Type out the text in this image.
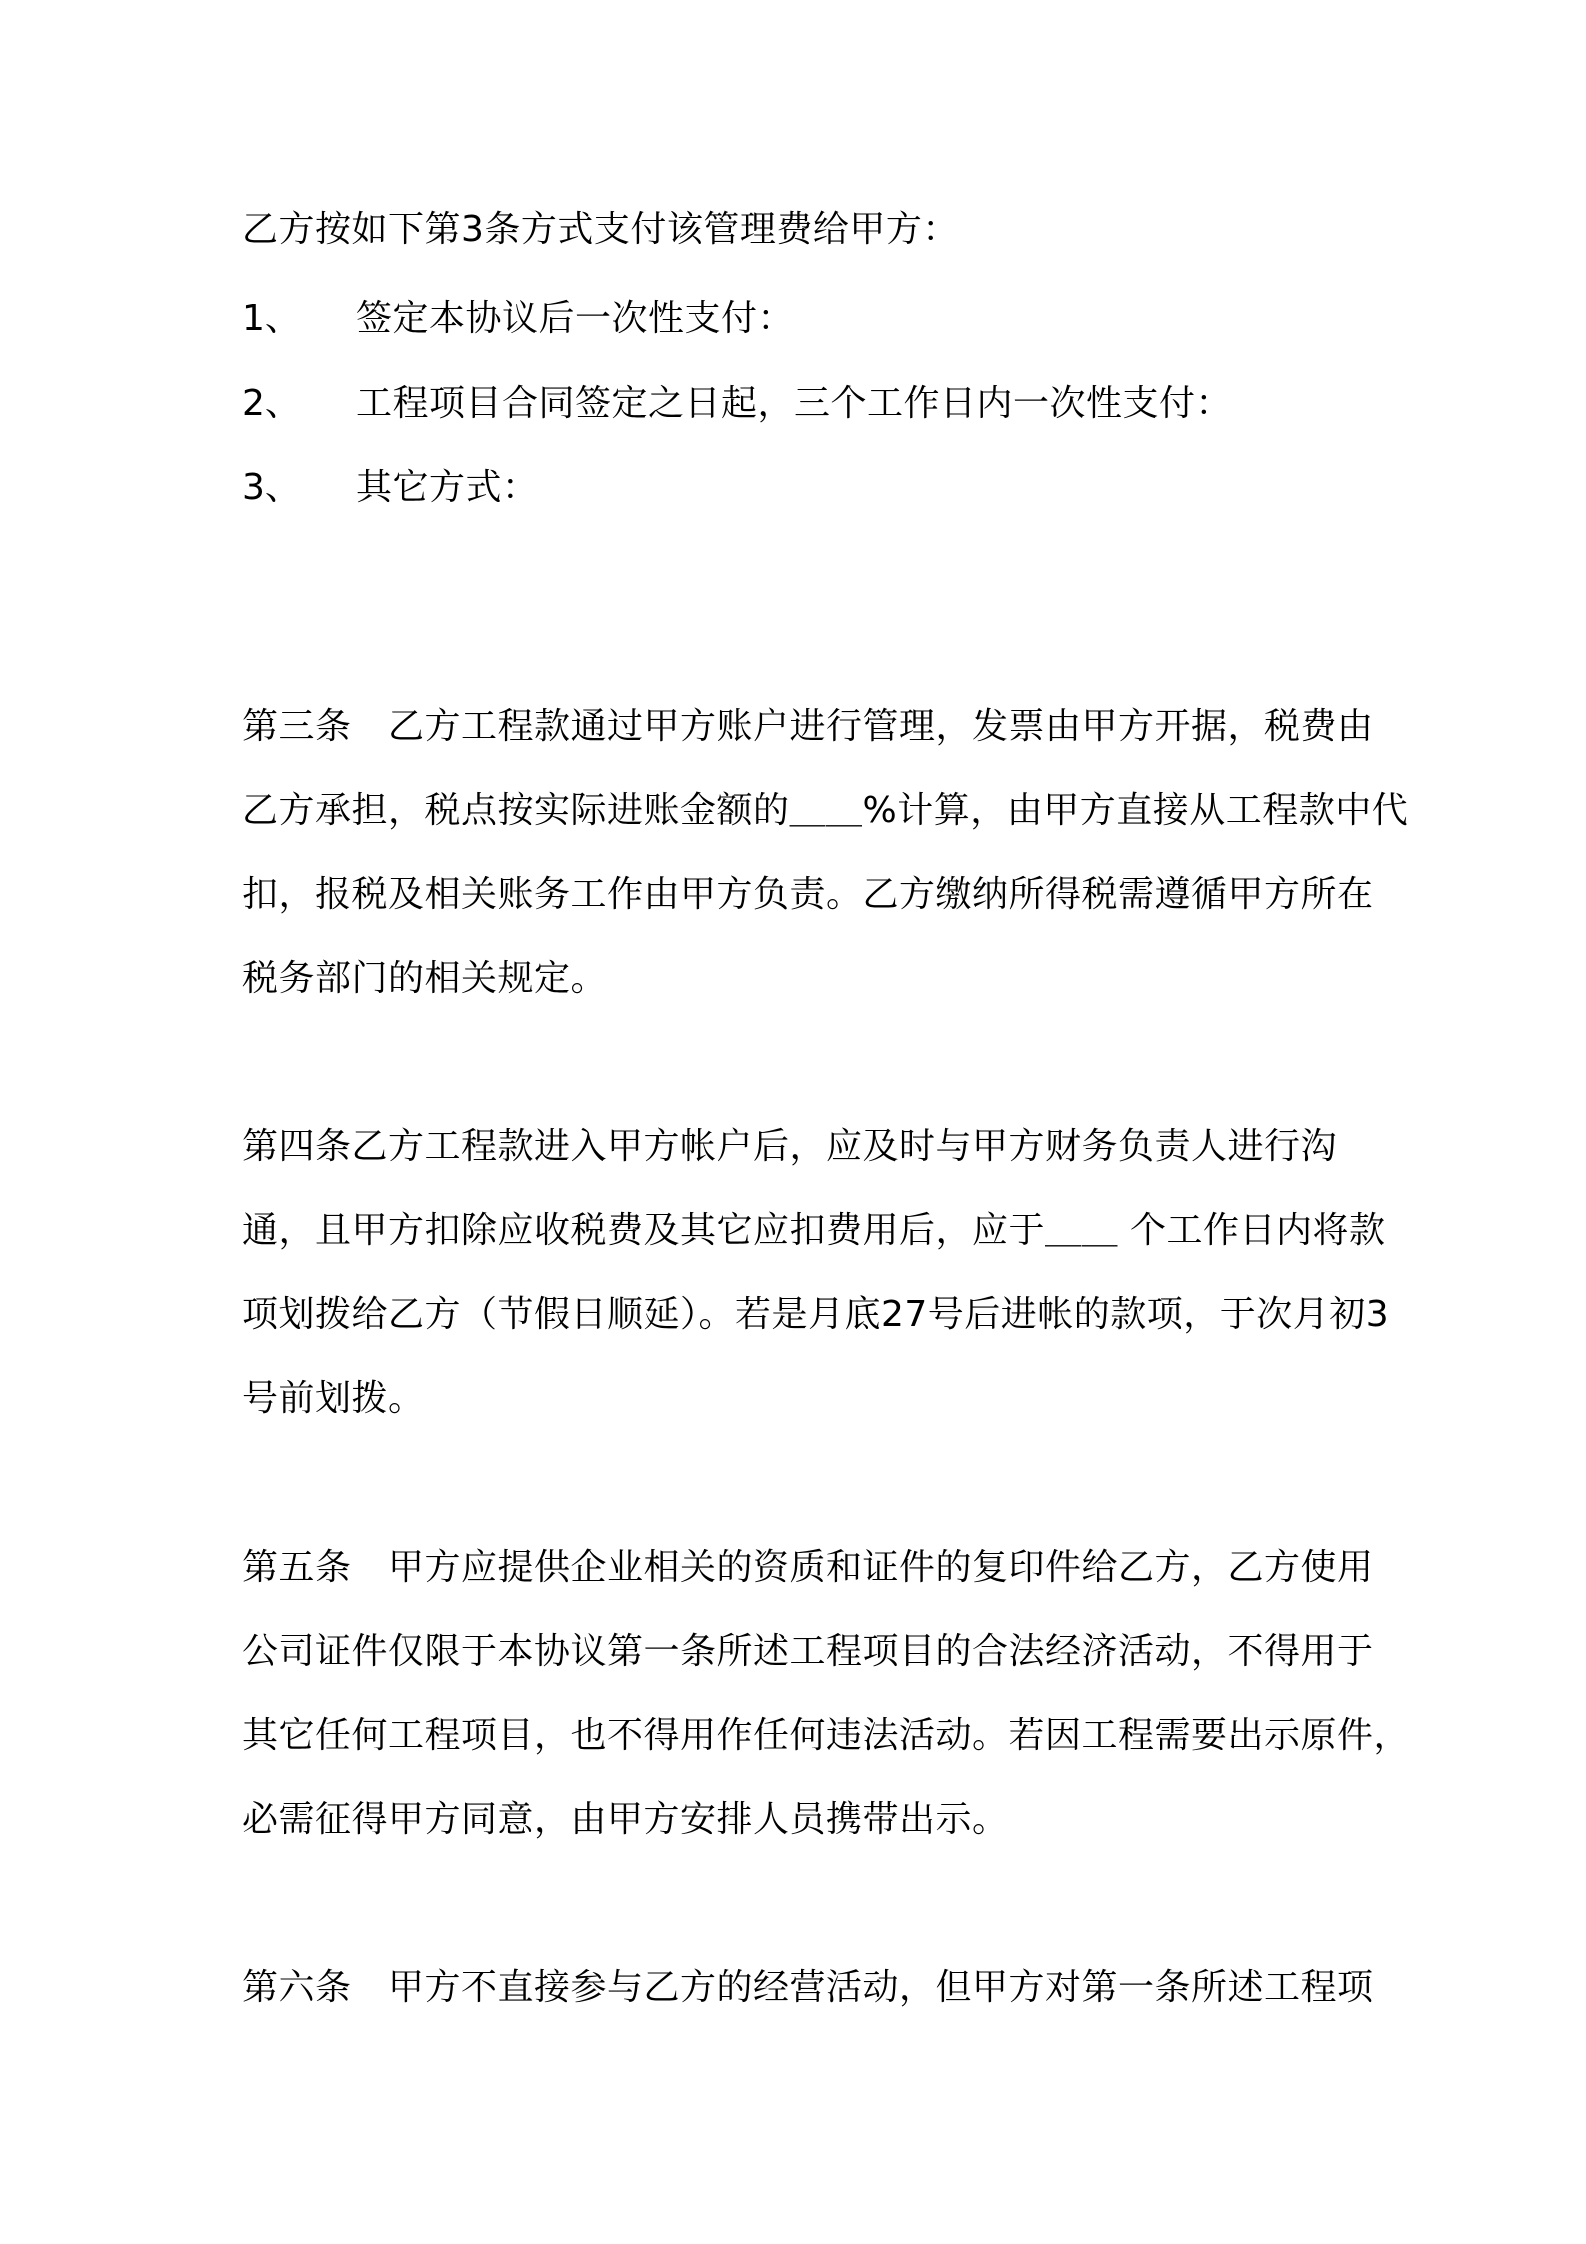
乙方按如下第3条方式支付该管理费给甲方：
1、 签定本协议后一次性支付：
2、 工程项目合同签定之日起，三个工作日内一次性支付：
3、 其它方式：
第三条　乙方工程款通过甲方账户进行管理，发票由甲方开据，税费由
乙方承担，税点按实际进账金额的＿＿%计算，由甲方直接从工程款中代
扣，报税及相关账务工作由甲方负责。乙方缴纳所得税需遵循甲方所在
税务部门的相关规定。
第四条乙方工程款进入甲方帐户后，应及时与甲方财务负责人进行沟
通，且甲方扣除应收税费及其它应扣费用后，应于＿＿ 个工作日内将款
项划拨给乙方（节假日顺延）。若是月底27号后进帐的款项，于次月初3
号前划拨。
第五条　甲方应提供企业相关的资质和证件的复印件给乙方，乙方使用
公司证件仅限于本协议第一条所述工程项目的合法经济活动，不得用于
其它任何工程项目，也不得用作任何违法活动。若因工程需要出示原件，
必需征得甲方同意，由甲方安排人员携带出示。
第六条　甲方不直接参与乙方的经营活动，但甲方对第一条所述工程项
